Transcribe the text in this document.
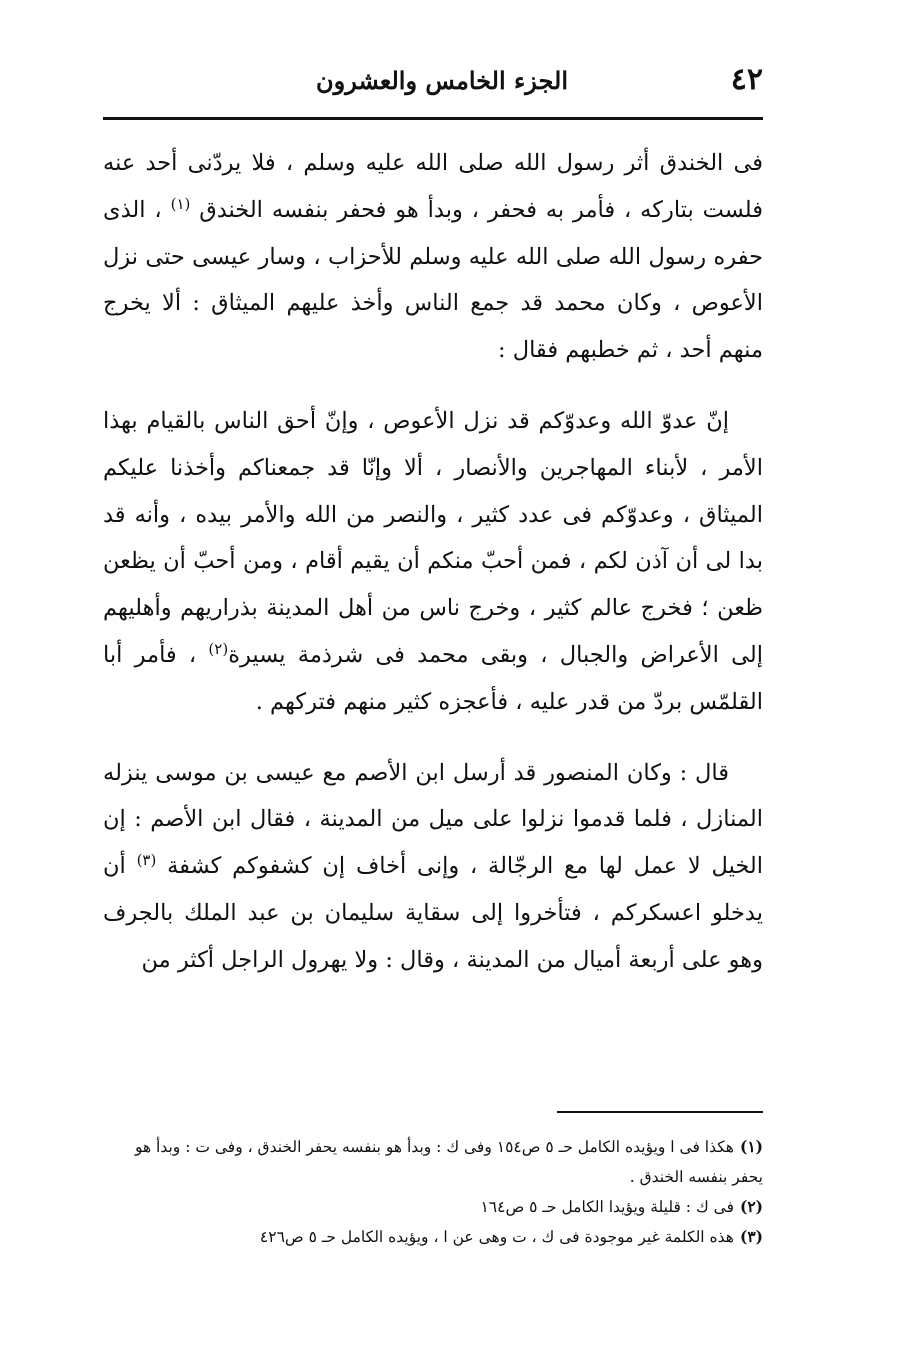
٤٢
الجزء الخامس والعشرون

فى الخندق أثر رسول الله صلى الله عليه وسلم ، فلا يردّنى أحد عنه فلست بتاركه ، فأمر به فحفر ، وبدأ هو فحفر بنفسه الخندق $^{(١)}$ ، الذى حفره رسول الله صلى الله عليه وسلم للأحزاب ، وسار عيسى حتى نزل الأعوص ، وكان محمد قد جمع الناس وأخذ عليهم الميثاق : ألا يخرج منهم أحد ، ثم خطبهم فقال :

إنّ عدوّ الله وعدوّكم قد نزل الأعوص ، وإنّ أحق الناس بالقيام بهذا الأمر ، لأبناء المهاجرين والأنصار ، ألا وإنّا قد جمعناكم وأخذنا عليكم الميثاق ، وعدوّكم فى عدد كثير ، والنصر من الله والأمر بيده ، وأنه قد بدا لى أن آذن لكم ، فمن أحبّ منكم أن يقيم أقام ، ومن أحبّ أن يظعن ظعن ؛ فخرج عالم كثير ، وخرج ناس من أهل المدينة بذراريهم وأهليهم إلى الأعراض والجبال ، وبقى محمد فى شرذمة يسيرة$^{(٢)}$ ، فأمر أبا القلمّس بردّ من قدر عليه ، فأعجزه كثير منهم فتركهم .

قال : وكان المنصور قد أرسل ابن الأصم مع عيسى بن موسى ينزله المنازل ، فلما قدموا نزلوا على ميل من المدينة ، فقال ابن الأصم : إن الخيل لا عمل لها مع الرجّالة ، وإنى أخاف إن كشفوكم كشفة $^{(٣)}$ أن يدخلو اعسكركم ، فتأخروا إلى سقاية سليمان بن عبد الملك بالجرف وهو على أربعة أميال من المدينة ، وقال : ولا يهرول الراجل أكثر من

(١)هكذا فى ا ويؤيده الكامل حـ ٥ ص١٥٤ وفى ك : وبدأ هو بنفسه يحفر الخندق ، وفى ت : وبدأ هو يحفر بنفسه الخندق .

(٢)فى ك : قليلة ويؤيدا الكامل حـ ٥ ص١٦٤

(٣)هذه الكلمة غير موجودة فى ك ، ت وهى عن ا ، ويؤيده الكامل حـ ٥ ص٤٢٦
